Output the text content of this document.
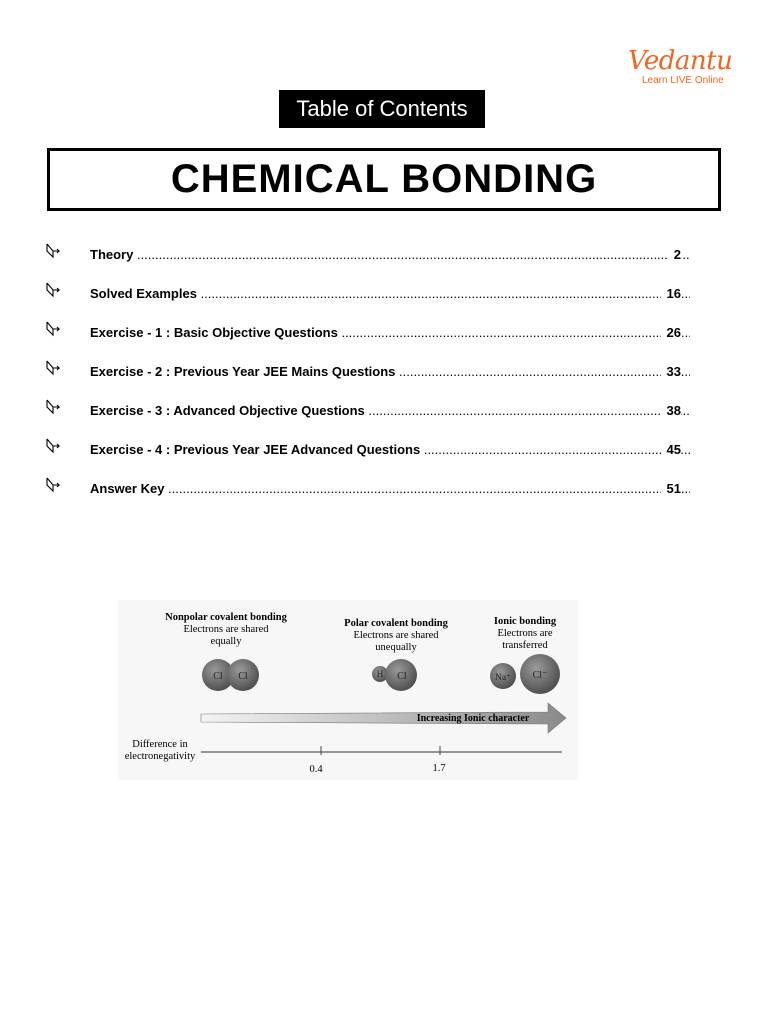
Vedantu
Learn LIVE Online
Table of Contents
CHEMICAL BONDING
Theory .....	2
Solved Examples .....	16
Exercise - 1 : Basic Objective Questions .....	26
Exercise - 2 : Previous Year JEE Mains Questions .....	33
Exercise - 3 : Advanced Objective Questions .....	38
Exercise - 4 : Previous Year JEE Advanced Questions .....	45
Answer Key .....	51
Nonpolar covalent bonding
Electrons are shared
equally
Cl Cl
Polar covalent bonding
Electrons are shared
unequally
H Cl
Ionic bonding
Electrons are
transferred
Na⁺ Cl⁻
Increasing Ionic character
Difference in
electronegativity
0.4	1.7
